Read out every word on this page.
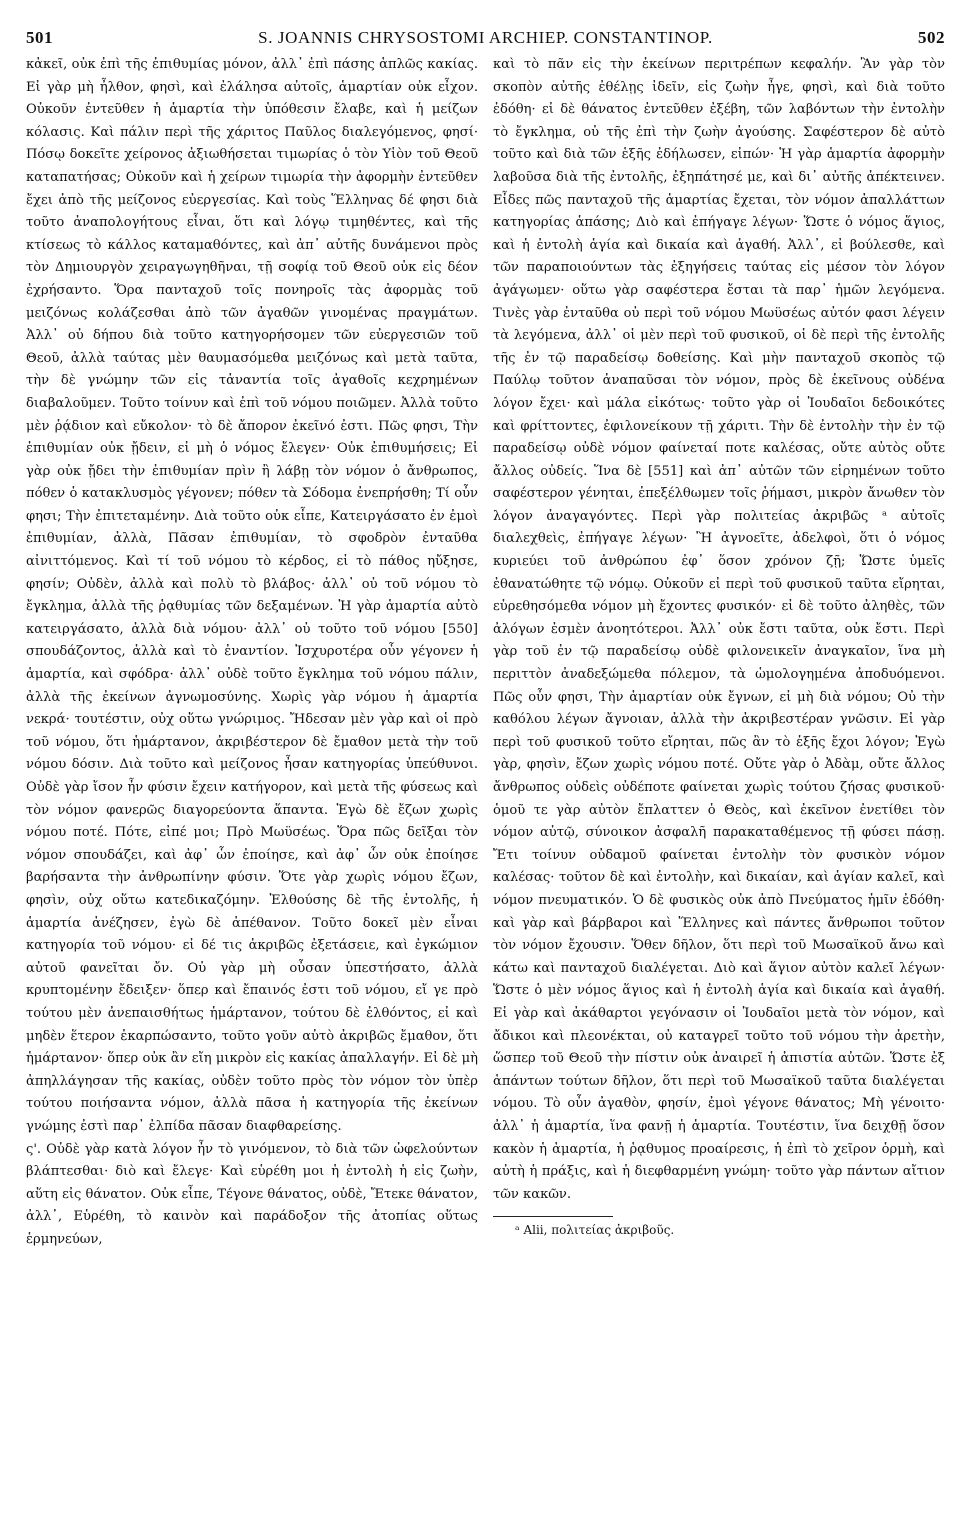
501	S. JOANNIS CHRYSOSTOMI ARCHIEP. CONSTANTINOP.	502

κἀκεῖ, οὐκ ἐπὶ τῆς ἐπιθυμίας μόνον, ἀλλ᾽ ἐπὶ πάσης ἁπλῶς κακίας. Εἰ γὰρ μὴ ἦλθον, φησὶ, καὶ ἐλάλησα αὐτοῖς, ἁμαρτίαν οὐκ εἶχον. Οὐκοῦν ἐντεῦθεν ἡ ἁμαρτία τὴν ὑπόθεσιν ἔλαβε, καὶ ἡ μείζων κόλασις. Καὶ πάλιν περὶ τῆς χάριτος Παῦλος διαλεγόμενος, φησί· Πόσῳ δοκεῖτε χείρονος ἀξιωθήσεται τιμωρίας ὁ τὸν Υἱὸν τοῦ Θεοῦ καταπατήσας; Οὐκοῦν καὶ ἡ χείρων τιμωρία τὴν ἀφορμὴν ἐντεῦθεν ἔχει ἀπὸ τῆς μείζονος εὐεργεσίας. Καὶ τοὺς Ἕλληνας δέ φησι διὰ τοῦτο ἀναπολογήτους εἶναι, ὅτι καὶ λόγῳ τιμηθέντες, καὶ τῆς κτίσεως τὸ κάλλος καταμαθόντες, καὶ ἀπ᾽ αὐτῆς δυνάμενοι πρὸς τὸν Δημιουργὸν χειραγωγηθῆναι, τῇ σοφίᾳ τοῦ Θεοῦ οὐκ εἰς δέον ἐχρήσαντο. Ὅρα πανταχοῦ τοῖς πονηροῖς τὰς ἀφορμὰς τοῦ μειζόνως κολάζεσθαι ἀπὸ τῶν ἀγαθῶν γινομένας πραγμάτων. Ἀλλ᾽ οὐ δήπου διὰ τοῦτο κατηγορήσομεν τῶν εὐεργεσιῶν τοῦ Θεοῦ, ἀλλὰ ταύτας μὲν θαυμασόμεθα μειζόνως καὶ μετὰ ταῦτα, τὴν δὲ γνώμην τῶν εἰς τἀναντία τοῖς ἀγαθοῖς κεχρημένων διαβαλοῦμεν. Τοῦτο τοίνυν καὶ ἐπὶ τοῦ νόμου ποιῶμεν. Ἀλλὰ τοῦτο μὲν ῥᾴδιον καὶ εὔκολον· τὸ δὲ ἄπορον ἐκεῖνό ἐστι. Πῶς φησι, Τὴν ἐπιθυμίαν οὐκ ᾔδειν, εἰ μὴ ὁ νόμος ἔλεγεν· Οὐκ ἐπιθυμήσεις; Εἰ γὰρ οὐκ ᾔδει τὴν ἐπιθυμίαν πρὶν ἢ λάβῃ τὸν νόμον ὁ ἄνθρωπος, πόθεν ὁ κατακλυσμὸς γέγονεν; πόθεν τὰ Σόδομα ἐνεπρήσθη; Τί οὖν φησι; Τὴν ἐπιτεταμένην. Διὰ τοῦτο οὐκ εἶπε, Κατειργάσατο ἐν ἐμοὶ ἐπιθυμίαν, ἀλλὰ, Πᾶσαν ἐπιθυμίαν, τὸ σφοδρὸν ἐνταῦθα αἰνιττόμενος. Καὶ τί τοῦ νόμου τὸ κέρδος, εἰ τὸ πάθος ηὔξησε, φησίν; Οὐδὲν, ἀλλὰ καὶ πολὺ τὸ βλάβος· ἀλλ᾽ οὐ τοῦ νόμου τὸ ἔγκλημα, ἀλλὰ τῆς ῥᾳθυμίας τῶν δεξαμένων. Ἡ γὰρ ἁμαρτία αὐτὸ κατειργάσατο, ἀλλὰ διὰ νόμου· ἀλλ᾽ οὐ τοῦτο τοῦ νόμου [550] σπουδάζοντος, ἀλλὰ καὶ τὸ ἐναντίον. Ἰσχυροτέρα οὖν γέγονεν ἡ ἁμαρτία, καὶ σφόδρα· ἀλλ᾽ οὐδὲ τοῦτο ἔγκλημα τοῦ νόμου πάλιν, ἀλλὰ τῆς ἐκείνων ἀγνωμοσύνης. Χωρὶς γὰρ νόμου ἡ ἁμαρτία νεκρά· τουτέστιν, οὐχ οὕτω γνώριμος. Ἤδεσαν μὲν γὰρ καὶ οἱ πρὸ τοῦ νόμου, ὅτι ἡμάρτανον, ἀκριβέστερον δὲ ἔμαθον μετὰ τὴν τοῦ νόμου δόσιν. Διὰ τοῦτο καὶ μείζονος ἦσαν κατηγορίας ὑπεύθυνοι. Οὐδὲ γὰρ ἴσον ἦν φύσιν ἔχειν κατήγορον, καὶ μετὰ τῆς φύσεως καὶ τὸν νόμον φανερῶς διαγορεύοντα ἅπαντα. Ἐγὼ δὲ ἔζων χωρὶς νόμου ποτέ. Πότε, εἰπέ μοι; Πρὸ Μωϋσέως. Ὅρα πῶς δεῖξαι τὸν νόμον σπουδάζει, καὶ ἀφ᾽ ὧν ἐποίησε, καὶ ἀφ᾽ ὧν οὐκ ἐποίησε βαρήσαντα τὴν ἀνθρωπίνην φύσιν. Ὅτε γὰρ χωρὶς νόμου ἔζων, φησὶν, οὐχ οὕτω κατεδικαζόμην. Ἐλθούσης δὲ τῆς ἐντολῆς, ἡ ἁμαρτία ἀνέζησεν, ἐγὼ δὲ ἀπέθανον. Τοῦτο δοκεῖ μὲν εἶναι κατηγορία τοῦ νόμου· εἰ δέ τις ἀκριβῶς ἐξετάσειε, καὶ ἐγκώμιον αὐτοῦ φανεῖται ὄν. Οὐ γὰρ μὴ οὖσαν ὑπεστήσατο, ἀλλὰ κρυπτομένην ἔδειξεν· ὅπερ καὶ ἔπαινός ἐστι τοῦ νόμου, εἴ γε πρὸ τούτου μὲν ἀνεπαισθήτως ἡμάρτανον, τούτου δὲ ἐλθόντος, εἰ καὶ μηδὲν ἕτερον ἐκαρπώσαντο, τοῦτο γοῦν αὐτὸ ἀκριβῶς ἔμαθον, ὅτι ἡμάρτανον· ὅπερ οὐκ ἂν εἴη μικρὸν εἰς κακίας ἀπαλλαγήν. Εἰ δὲ μὴ ἀπηλλάγησαν τῆς κακίας, οὐδὲν τοῦτο πρὸς τὸν νόμον τὸν ὑπὲρ τούτου ποιήσαντα νόμον, ἀλλὰ πᾶσα ἡ κατηγορία τῆς ἐκείνων γνώμης ἐστὶ παρ᾽ ἐλπίδα πᾶσαν διαφθαρείσης.

ς'. Οὐδὲ γὰρ κατὰ λόγον ἦν τὸ γινόμενον, τὸ διὰ τῶν ὠφελούντων βλάπτεσθαι· διὸ καὶ ἔλεγε· Καὶ εὑρέθη μοι ἡ ἐντολὴ ἡ εἰς ζωὴν, αὕτη εἰς θάνατον. Οὐκ εἶπε, Τέγονε θάνατος, οὐδὲ, Ἔτεκε θάνατον, ἀλλ᾽, Εὑρέθη, τὸ καινὸν καὶ παράδοξον τῆς ἀτοπίας οὕτως ἑρμηνεύων,

καὶ τὸ πᾶν εἰς τὴν ἐκείνων περιτρέπων κεφαλήν. Ἂν γὰρ τὸν σκοπὸν αὐτῆς ἐθέλῃς ἰδεῖν, εἰς ζωὴν ἦγε, φησὶ, καὶ διὰ τοῦτο ἐδόθη· εἰ δὲ θάνατος ἐντεῦθεν ἐξέβη, τῶν λαβόντων τὴν ἐντολὴν τὸ ἔγκλημα, οὐ τῆς ἐπὶ τὴν ζωὴν ἀγούσης. Σαφέστερον δὲ αὐτὸ τοῦτο καὶ διὰ τῶν ἑξῆς ἐδήλωσεν, εἰπών· Ἡ γὰρ ἁμαρτία ἀφορμὴν λαβοῦσα διὰ τῆς ἐντολῆς, ἐξηπάτησέ με, καὶ δι᾽ αὐτῆς ἀπέκτεινεν. Εἶδες πῶς πανταχοῦ τῆς ἁμαρτίας ἔχεται, τὸν νόμον ἀπαλλάττων κατηγορίας ἁπάσης; Διὸ καὶ ἐπήγαγε λέγων· Ὥστε ὁ νόμος ἅγιος, καὶ ἡ ἐντολὴ ἁγία καὶ δικαία καὶ ἀγαθή. Ἀλλ᾽, εἰ βούλεσθε, καὶ τῶν παραποιούντων τὰς ἐξηγήσεις ταύτας εἰς μέσον τὸν λόγον ἀγάγωμεν· οὕτω γὰρ σαφέστερα ἔσται τὰ παρ᾽ ἡμῶν λεγόμενα. Τινὲς γὰρ ἐνταῦθα οὐ περὶ τοῦ νόμου Μωϋσέως αὐτόν φασι λέγειν τὰ λεγόμενα, ἀλλ᾽ οἱ μὲν περὶ τοῦ φυσικοῦ, οἱ δὲ περὶ τῆς ἐντολῆς τῆς ἐν τῷ παραδείσῳ δοθείσης. Καὶ μὴν πανταχοῦ σκοπὸς τῷ Παύλῳ τοῦτον ἀναπαῦσαι τὸν νόμον, πρὸς δὲ ἐκεῖνους οὐδένα λόγον ἔχει· καὶ μάλα εἰκότως· τοῦτο γὰρ οἱ Ἰουδαῖοι δεδοικότες καὶ φρίττοντες, ἐφιλονείκουν τῇ χάριτι. Τὴν δὲ ἐντολὴν τὴν ἐν τῷ παραδείσῳ οὐδὲ νόμον φαίνεταί ποτε καλέσας, οὔτε αὐτὸς οὔτε ἄλλος οὐδείς. Ἵνα δὲ [551] καὶ ἀπ᾽ αὐτῶν τῶν εἰρημένων τοῦτο σαφέστερον γένηται, ἐπεξέλθωμεν τοῖς ῥήμασι, μικρὸν ἄνωθεν τὸν λόγον ἀναγαγόντες. Περὶ γὰρ πολιτείας ἀκριβῶς ᵃ αὐτοῖς διαλεχθεὶς, ἐπήγαγε λέγων· Ἢ ἀγνοεῖτε, ἀδελφοὶ, ὅτι ὁ νόμος κυριεύει τοῦ ἀνθρώπου ἐφ᾽ ὅσον χρόνον ζῇ; Ὥστε ὑμεῖς ἐθανατώθητε τῷ νόμῳ. Οὐκοῦν εἰ περὶ τοῦ φυσικοῦ ταῦτα εἴρηται, εὑρεθησόμεθα νόμον μὴ ἔχοντες φυσικόν· εἰ δὲ τοῦτο ἀληθὲς, τῶν ἀλόγων ἐσμὲν ἀνοητότεροι. Ἀλλ᾽ οὐκ ἔστι ταῦτα, οὐκ ἔστι. Περὶ γὰρ τοῦ ἐν τῷ παραδείσῳ οὐδὲ φιλονεικεῖν ἀναγκαῖον, ἵνα μὴ περιττὸν ἀναδεξώμεθα πόλεμον, τὰ ὡμολογημένα ἀποδυόμενοι. Πῶς οὖν φησι, Τὴν ἁμαρτίαν οὐκ ἔγνων, εἰ μὴ διὰ νόμου; Οὐ τὴν καθόλου λέγων ἄγνοιαν, ἀλλὰ τὴν ἀκριβεστέραν γνῶσιν. Εἰ γὰρ περὶ τοῦ φυσικοῦ τοῦτο εἴρηται, πῶς ἂν τὸ ἑξῆς ἔχοι λόγον; Ἐγὼ γὰρ, φησὶν, ἔζων χωρὶς νόμου ποτέ. Οὔτε γὰρ ὁ Ἀδὰμ, οὔτε ἄλλος ἄνθρωπος οὐδεὶς οὐδέποτε φαίνεται χωρὶς τούτου ζήσας φυσικοῦ· ὁμοῦ τε γὰρ αὐτὸν ἔπλαττεν ὁ Θεὸς, καὶ ἐκεῖνον ἐνετίθει τὸν νόμον αὐτῷ, σύνοικον ἀσφαλῆ παρακαταθέμενος τῇ φύσει πάσῃ. Ἔτι τοίνυν οὐδαμοῦ φαίνεται ἐντολὴν τὸν φυσικὸν νόμον καλέσας· τοῦτον δὲ καὶ ἐντολὴν, καὶ δικαίαν, καὶ ἁγίαν καλεῖ, καὶ νόμον πνευματικόν. Ὁ δὲ φυσικὸς οὐκ ἀπὸ Πνεύματος ἡμῖν ἐδόθη· καὶ γὰρ καὶ βάρβαροι καὶ Ἕλληνες καὶ πάντες ἄνθρωποι τοῦτον τὸν νόμον ἔχουσιν. Ὅθεν δῆλον, ὅτι περὶ τοῦ Μωσαϊκοῦ ἄνω καὶ κάτω καὶ πανταχοῦ διαλέγεται. Διὸ καὶ ἅγιον αὐτὸν καλεῖ λέγων· Ὥστε ὁ μὲν νόμος ἅγιος καὶ ἡ ἐντολὴ ἁγία καὶ δικαία καὶ ἀγαθή. Εἰ γὰρ καὶ ἀκάθαρτοι γεγόνασιν οἱ Ἰουδαῖοι μετὰ τὸν νόμον, καὶ ἄδικοι καὶ πλεονέκται, οὐ καταγρεῖ τοῦτο τοῦ νόμου τὴν ἀρετὴν, ὥσπερ τοῦ Θεοῦ τὴν πίστιν οὐκ ἀναιρεῖ ἡ ἀπιστία αὐτῶν. Ὥστε ἐξ ἁπάντων τούτων δῆλον, ὅτι περὶ τοῦ Μωσαϊκοῦ ταῦτα διαλέγεται νόμου. Τὸ οὖν ἀγαθὸν, φησίν, ἐμοὶ γέγονε θάνατος; Μὴ γένοιτο· ἀλλ᾽ ἡ ἁμαρτία, ἵνα φανῇ ἡ ἁμαρτία. Τουτέστιν, ἵνα δειχθῇ ὅσον κακὸν ἡ ἁμαρτία, ἡ ῥᾳθυμος προαίρεσις, ἡ ἐπὶ τὸ χεῖρον ὁρμὴ, καὶ αὐτὴ ἡ πράξις, καὶ ἡ διεφθαρμένη γνώμη· τοῦτο γὰρ πάντων αἴτιον τῶν κακῶν.

ᵃ Alii, πολιτείας ἀκριβοῦς.
